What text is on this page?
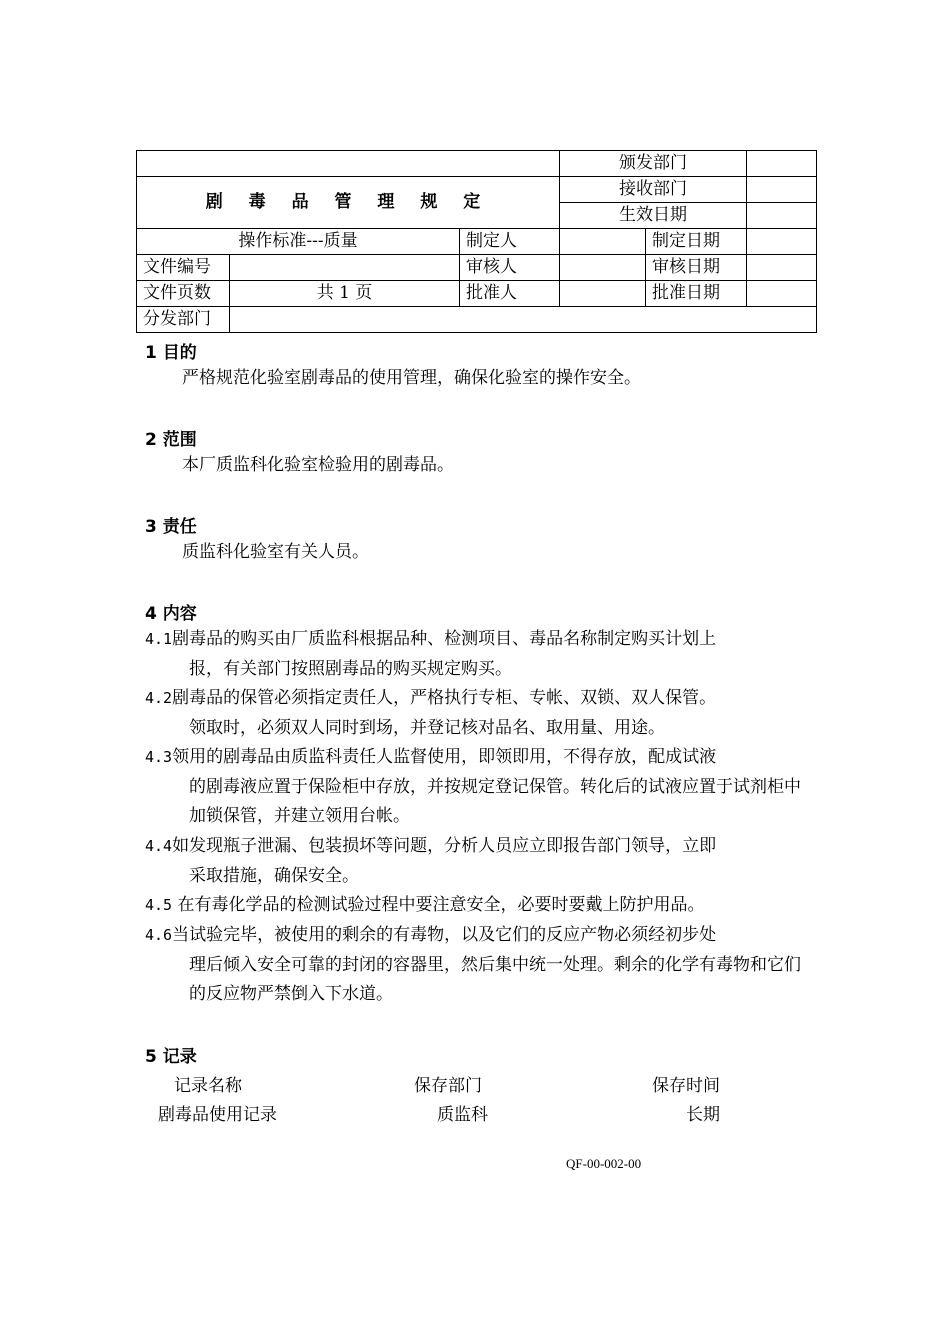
			颁发部门		
剧 毒 品 管 理 规 定			接收部门		
			生效日期		
操作标准---质量		制定人		制定日期	
文件编号		审核人		审核日期	
文件页数	共 1 页	批准人		批准日期	
分发部门					
1 目的
严格规范化验室剧毒品的使用管理，确保化验室的操作安全。
2 范围
本厂质监科化验室检验用的剧毒品。
3 责任
质监科化验室有关人员。
4 内容
4.1剧毒品的购买由厂质监科根据品种、检测项目、毒品名称制定购买计划上
报，有关部门按照剧毒品的购买规定购买。
4.2剧毒品的保管必须指定责任人，严格执行专柜、专帐、双锁、双人保管。
领取时，必须双人同时到场，并登记核对品名、取用量、用途。
4.3领用的剧毒品由质监科责任人监督使用，即领即用，不得存放，配成试液
的剧毒液应置于保险柜中存放，并按规定登记保管。转化后的试液应置于试剂柜中加锁保管，并建立领用台帐。
4.4如发现瓶子泄漏、包装损坏等问题，分析人员应立即报告部门领导，立即
采取措施，确保安全。
4.5 在有毒化学品的检测试验过程中要注意安全，必要时要戴上防护用品。
4.6当试验完毕，被使用的剩余的有毒物，以及它们的反应产物必须经初步处
理后倾入安全可靠的封闭的容器里，然后集中统一处理。剩余的化学有毒物和它们的反应物严禁倒入下水道。
5 记录
记录名称	保存部门	保存时间
剧毒品使用记录	质监科	长期
QF-00-002-00
